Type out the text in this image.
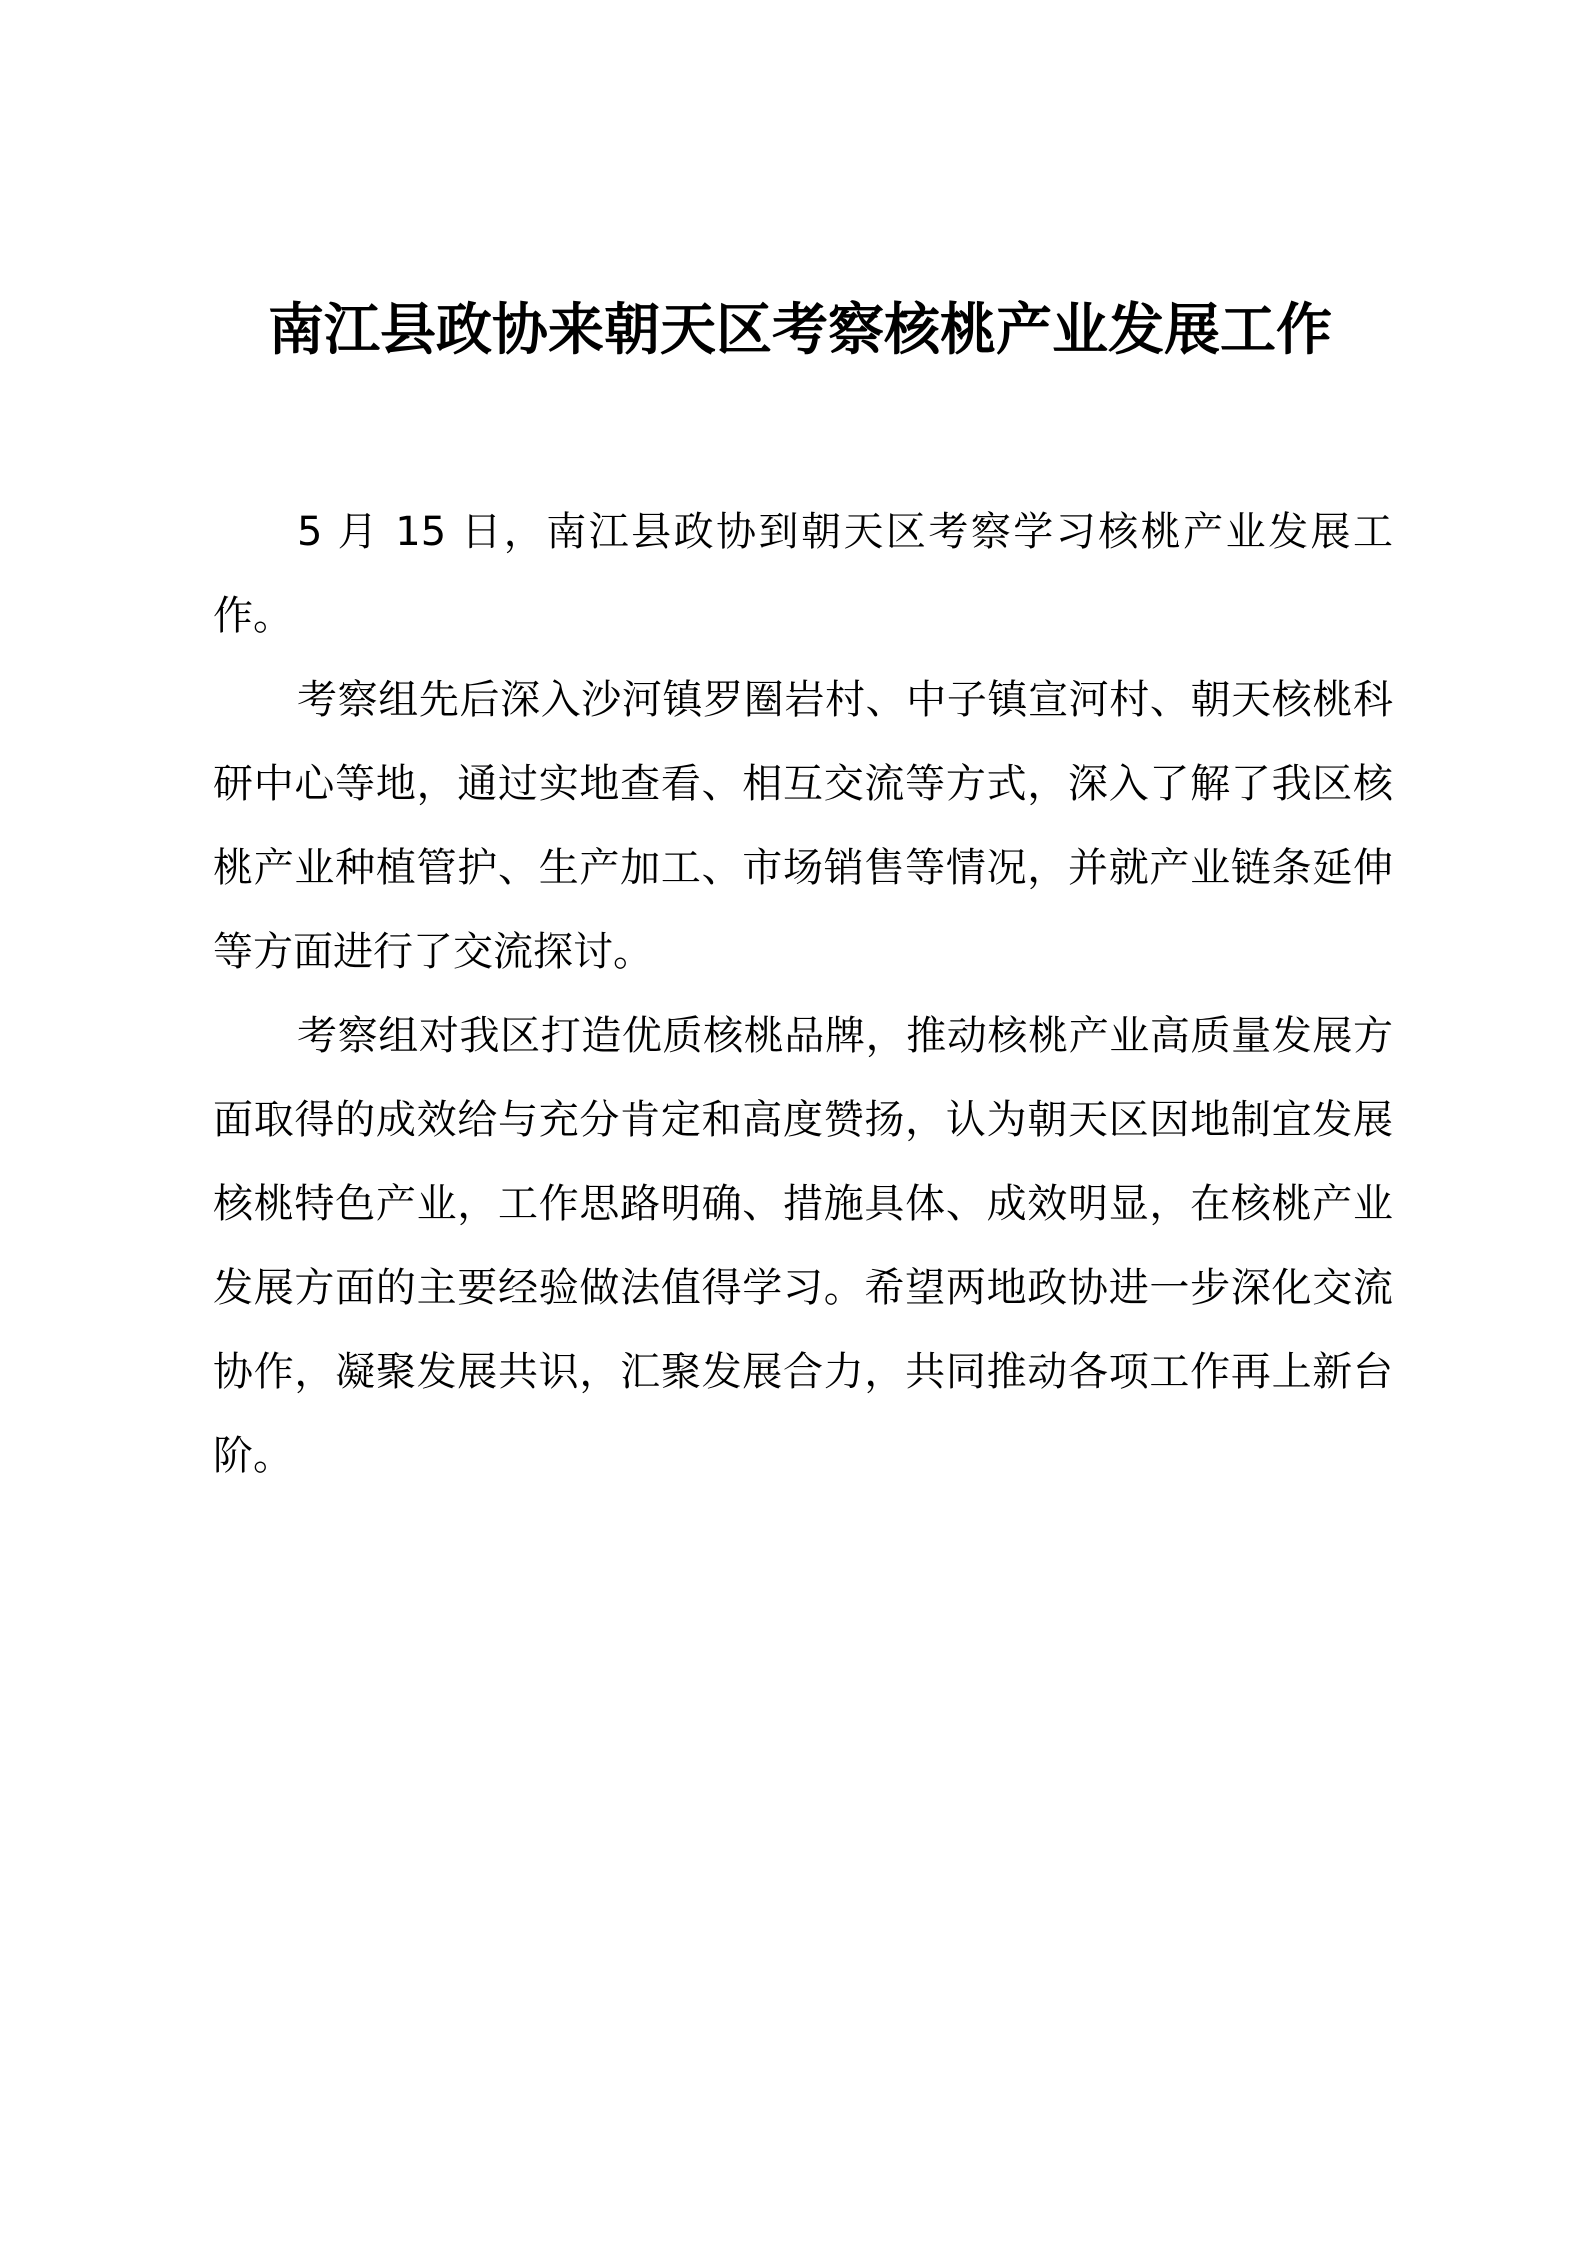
南江县政协来朝天区考察核桃产业发展工作

5 月 15 日，南江县政协到朝天区考察学习核桃产业发展工作。

考察组先后深入沙河镇罗圈岩村、中子镇宣河村、朝天核桃科研中心等地，通过实地查看、相互交流等方式，深入了解了我区核桃产业种植管护、生产加工、市场销售等情况，并就产业链条延伸等方面进行了交流探讨。

考察组对我区打造优质核桃品牌，推动核桃产业高质量发展方面取得的成效给与充分肯定和高度赞扬，认为朝天区因地制宜发展核桃特色产业，工作思路明确、措施具体、成效明显，在核桃产业发展方面的主要经验做法值得学习。希望两地政协进一步深化交流协作，凝聚发展共识，汇聚发展合力，共同推动各项工作再上新台阶。
